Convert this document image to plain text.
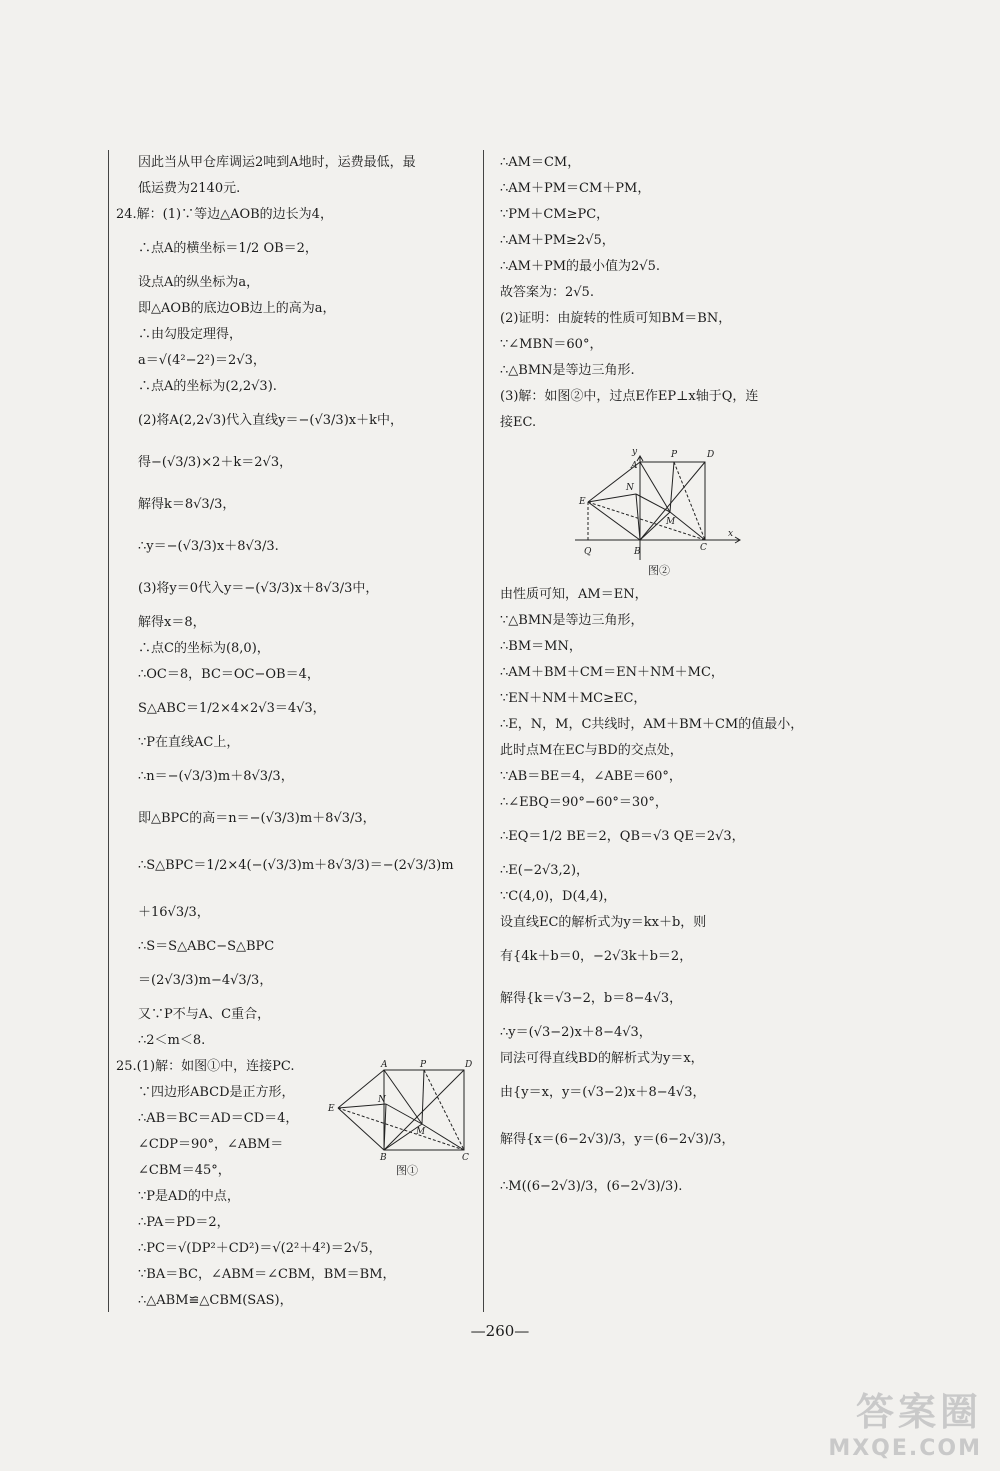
因此当从甲仓库调运2吨到A地时，运费最低，最
低运费为2140元.
24.解：(1)∵等边△AOB的边长为4，
∴点A的横坐标＝1/2 OB＝2，
设点A的纵坐标为a，
即△AOB的底边OB边上的高为a，
∴由勾股定理得，
a＝√(4²−2²)＝2√3，
∴点A的坐标为(2,2√3).
(2)将A(2,2√3)代入直线y＝−(√3/3)x＋k中，
得−(√3/3)×2＋k＝2√3，
解得k＝8√3/3，
∴y＝−(√3/3)x＋8√3/3.
(3)将y＝0代入y＝−(√3/3)x＋8√3/3中，
解得x＝8，
∴点C的坐标为(8,0)，
∴OC＝8，BC＝OC−OB＝4，
S△ABC＝1/2×4×2√3＝4√3，
∵P在直线AC上，
∴n＝−(√3/3)m＋8√3/3，
即△BPC的高＝n＝−(√3/3)m＋8√3/3，
∴S△BPC＝1/2×4(−(√3/3)m＋8√3/3)＝−(2√3/3)m
＋16√3/3，
∴S＝S△ABC−S△BPC
＝(2√3/3)m−4√3/3，
又∵P不与A、C重合，
∴2＜m＜8.
25.(1)解：如图①中，连接PC.
∵四边形ABCD是正方形，
∴AB＝BC＝AD＝CD＝4，
∠CDP＝90°，∠ABM＝
∠CBM＝45°，
∵P是AD的中点，
∴PA＝PD＝2，
∴PC＝√(DP²＋CD²)＝√(2²＋4²)＝2√5，
∵BA＝BC，∠ABM＝∠CBM，BM＝BM，
∴△ABM≌△CBM(SAS)，
A	P	D
E
N
M
B	C
图①
∴AM＝CM，
∴AM＋PM＝CM＋PM，
∵PM＋CM≥PC，
∴AM＋PM≥2√5，
∴AM＋PM的最小值为2√5.
故答案为：2√5.
(2)证明：由旋转的性质可知BM＝BN，
∵∠MBN＝60°，
∴△BMN是等边三角形.
(3)解：如图②中，过点E作EP⊥x轴于Q，连
接EC.
y
A
P	D
E
N
M
Q	B	C
x
图②
由性质可知，AM＝EN，
∵△BMN是等边三角形，
∴BM＝MN，
∴AM＋BM＋CM＝EN＋NM＋MC，
∵EN＋NM＋MC≥EC，
∴E，N，M，C共线时，AM＋BM＋CM的值最小，
此时点M在EC与BD的交点处，
∵AB＝BE＝4，∠ABE＝60°，
∴∠EBQ＝90°−60°＝30°，
∴EQ＝1/2 BE＝2，QB＝√3 QE＝2√3，
∴E(−2√3,2)，
∵C(4,0)，D(4,4)，
设直线EC的解析式为y＝kx＋b，则
有{4k＋b＝0，−2√3k＋b＝2，
解得{k＝√3−2，b＝8−4√3，
∴y＝(√3−2)x＋8−4√3，
同法可得直线BD的解析式为y＝x，
由{y＝x，y＝(√3−2)x＋8−4√3，
解得{x＝(6−2√3)/3，y＝(6−2√3)/3，
∴M((6−2√3)/3，(6−2√3)/3).
—260—
答案圈
MXQE.COM
